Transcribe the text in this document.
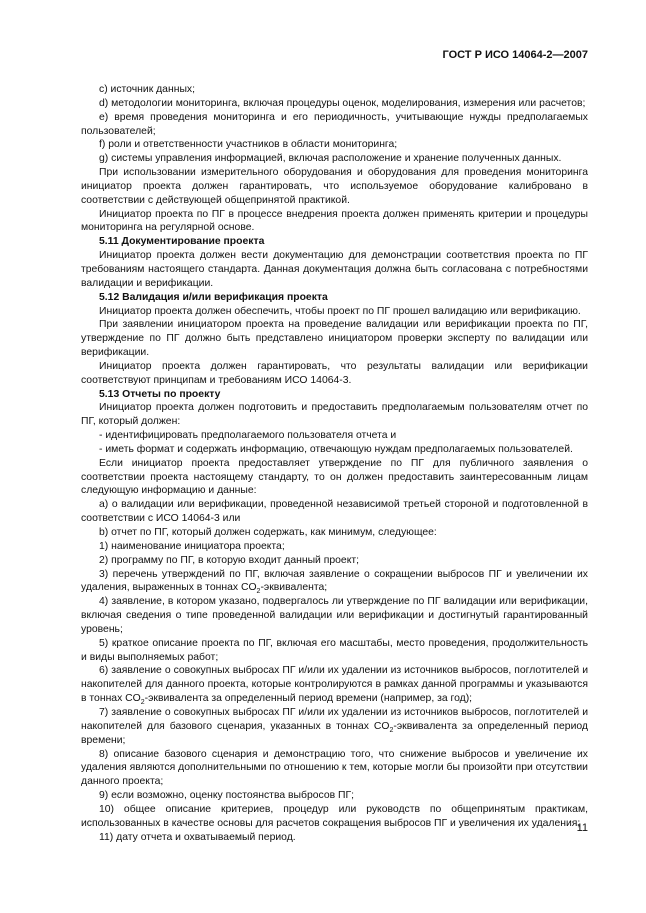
ГОСТ Р ИСО 14064-2—2007

c) источник данных;

d) методологии мониторинга, включая процедуры оценок, моделирования, измерения или расчетов;

e) время проведения мониторинга и его периодичность, учитывающие нужды предполагаемых пользователей;

f) роли и ответственности участников в области мониторинга;

g) системы управления информацией, включая расположение и хранение полученных данных.

При использовании измерительного оборудования и оборудования для проведения мониторинга инициатор проекта должен гарантировать, что используемое оборудование калибровано в соответствии с действующей общепринятой практикой.

Инициатор проекта по ПГ в процессе внедрения проекта должен применять критерии и процедуры мониторинга на регулярной основе.

5.11 Документирование проекта

Инициатор проекта должен вести документацию для демонстрации соответствия проекта по ПГ требованиям настоящего стандарта. Данная документация должна быть согласована с потребностями валидации и верификации.

5.12 Валидация и/или верификация проекта

Инициатор проекта должен обеспечить, чтобы проект по ПГ прошел валидацию или верификацию.

При заявлении инициатором проекта на проведение валидации или верификации проекта по ПГ, утверждение по ПГ должно быть представлено инициатором проверки эксперту по валидации или верификации.

Инициатор проекта должен гарантировать, что результаты валидации или верификации соответствуют принципам и требованиям ИСО 14064-3.

5.13 Отчеты по проекту

Инициатор проекта должен подготовить и предоставить предполагаемым пользователям отчет по ПГ, который должен:

- идентифицировать предполагаемого пользователя отчета и

- иметь формат и содержать информацию, отвечающую нуждам предполагаемых пользователей.

Если инициатор проекта предоставляет утверждение по ПГ для публичного заявления о соответствии проекта настоящему стандарту, то он должен предоставить заинтересованным лицам следующую информацию и данные:

a) о валидации или верификации, проведенной независимой третьей стороной и подготовленной в соответствии с ИСО 14064-3 или

b) отчет по ПГ, который должен содержать, как минимум, следующее:

1) наименование инициатора проекта;

2) программу по ПГ, в которую входит данный проект;

3) перечень утверждений по ПГ, включая заявление о сокращении выбросов ПГ и увеличении их удаления, выраженных в тоннах $CO_2$-эквивалента;

4) заявление, в котором указано, подвергалось ли утверждение по ПГ валидации или верификации, включая сведения о типе проведенной валидации или верификации и достигнутый гарантированный уровень;

5) краткое описание проекта по ПГ, включая его масштабы, место проведения, продолжительность и виды выполняемых работ;

6) заявление о совокупных выбросах ПГ и/или их удалении из источников выбросов, поглотителей и накопителей для данного проекта, которые контролируются в рамках данной программы и указываются в тоннах $CO_2$-эквивалента за определенный период времени (например, за год);

7) заявление о совокупных выбросах ПГ и/или их удалении из источников выбросов, поглотителей и накопителей для базового сценария, указанных в тоннах $CO_2$-эквивалента за определенный период времени;

8) описание базового сценария и демонстрацию того, что снижение выбросов и увеличение их удаления являются дополнительными по отношению к тем, которые могли бы произойти при отсутствии данного проекта;

9) если возможно, оценку постоянства выбросов ПГ;

10) общее описание критериев, процедур или руководств по общепринятым практикам, использованных в качестве основы для расчетов сокращения выбросов ПГ и увеличения их удаления;

11) дату отчета и охватываемый период.

11
